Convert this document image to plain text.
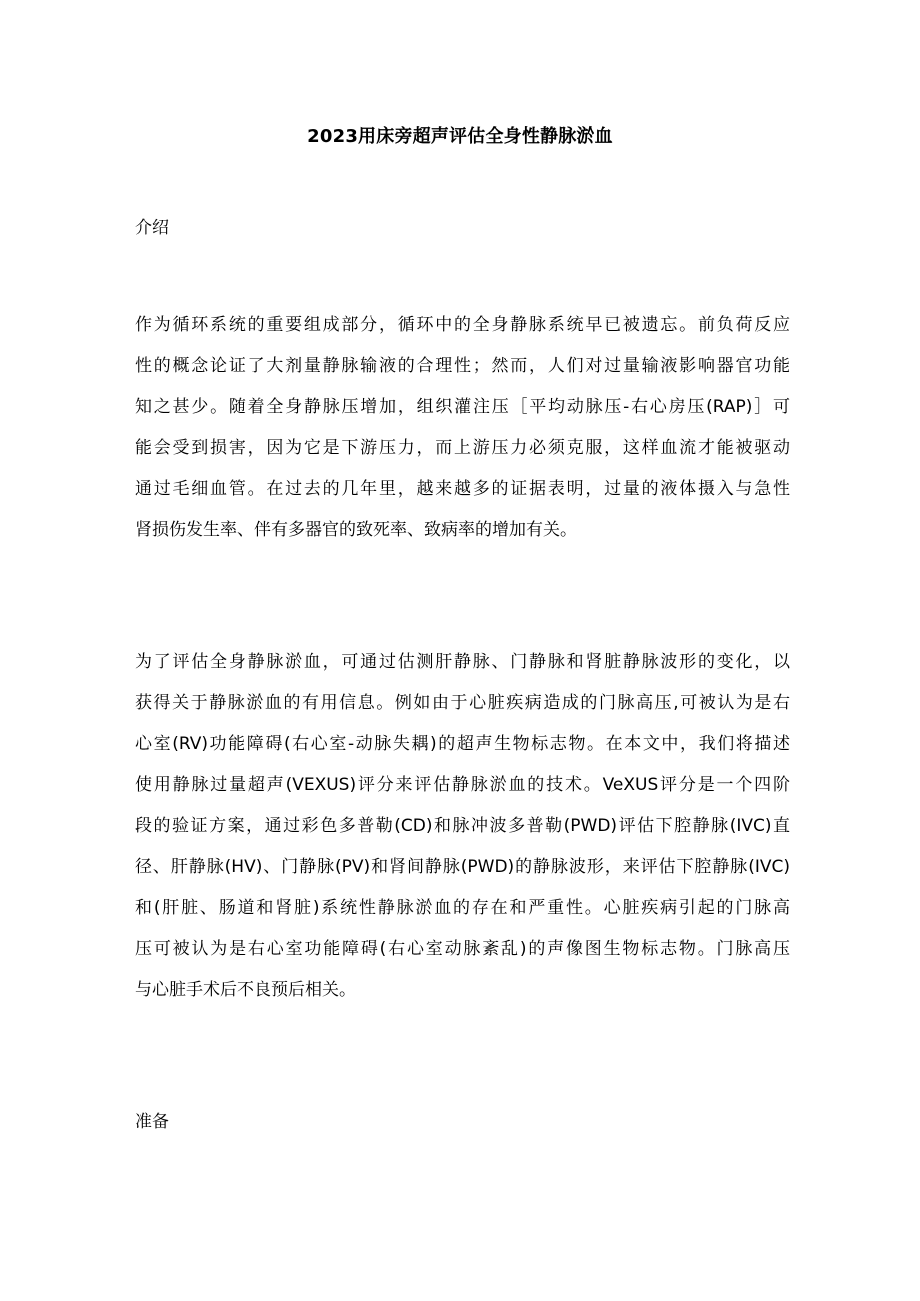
2023用床旁超声评估全身性静脉淤血
介绍
作为循环系统的重要组成部分，循环中的全身静脉系统早已被遗忘。前负荷反应
性的概念论证了大剂量静脉输液的合理性；然而，人们对过量输液影响器官功能
知之甚少。随着全身静脉压增加，组织灌注压［平均动脉压-右心房压(RAP)］可
能会受到损害，因为它是下游压力，而上游压力必须克服，这样血流才能被驱动
通过毛细血管。在过去的几年里，越来越多的证据表明，过量的液体摄入与急性
肾损伤发生率、伴有多器官的致死率、致病率的增加有关。
为了评估全身静脉淤血，可通过估测肝静脉、门静脉和肾脏静脉波形的变化，以
获得关于静脉淤血的有用信息。例如由于心脏疾病造成的门脉高压,可被认为是右
心室(RV)功能障碍(右心室-动脉失耦)的超声生物标志物。在本文中，我们将描述
使用静脉过量超声(VEXUS)评分来评估静脉淤血的技术。VeXUS评分是一个四阶
段的验证方案，通过彩色多普勒(CD)和脉冲波多普勒(PWD)评估下腔静脉(IVC)直
径、肝静脉(HV)、门静脉(PV)和肾间静脉(PWD)的静脉波形，来评估下腔静脉(IVC)
和(肝脏、肠道和肾脏)系统性静脉淤血的存在和严重性。心脏疾病引起的门脉高
压可被认为是右心室功能障碍(右心室动脉紊乱)的声像图生物标志物。门脉高压
与心脏手术后不良预后相关。
准备
